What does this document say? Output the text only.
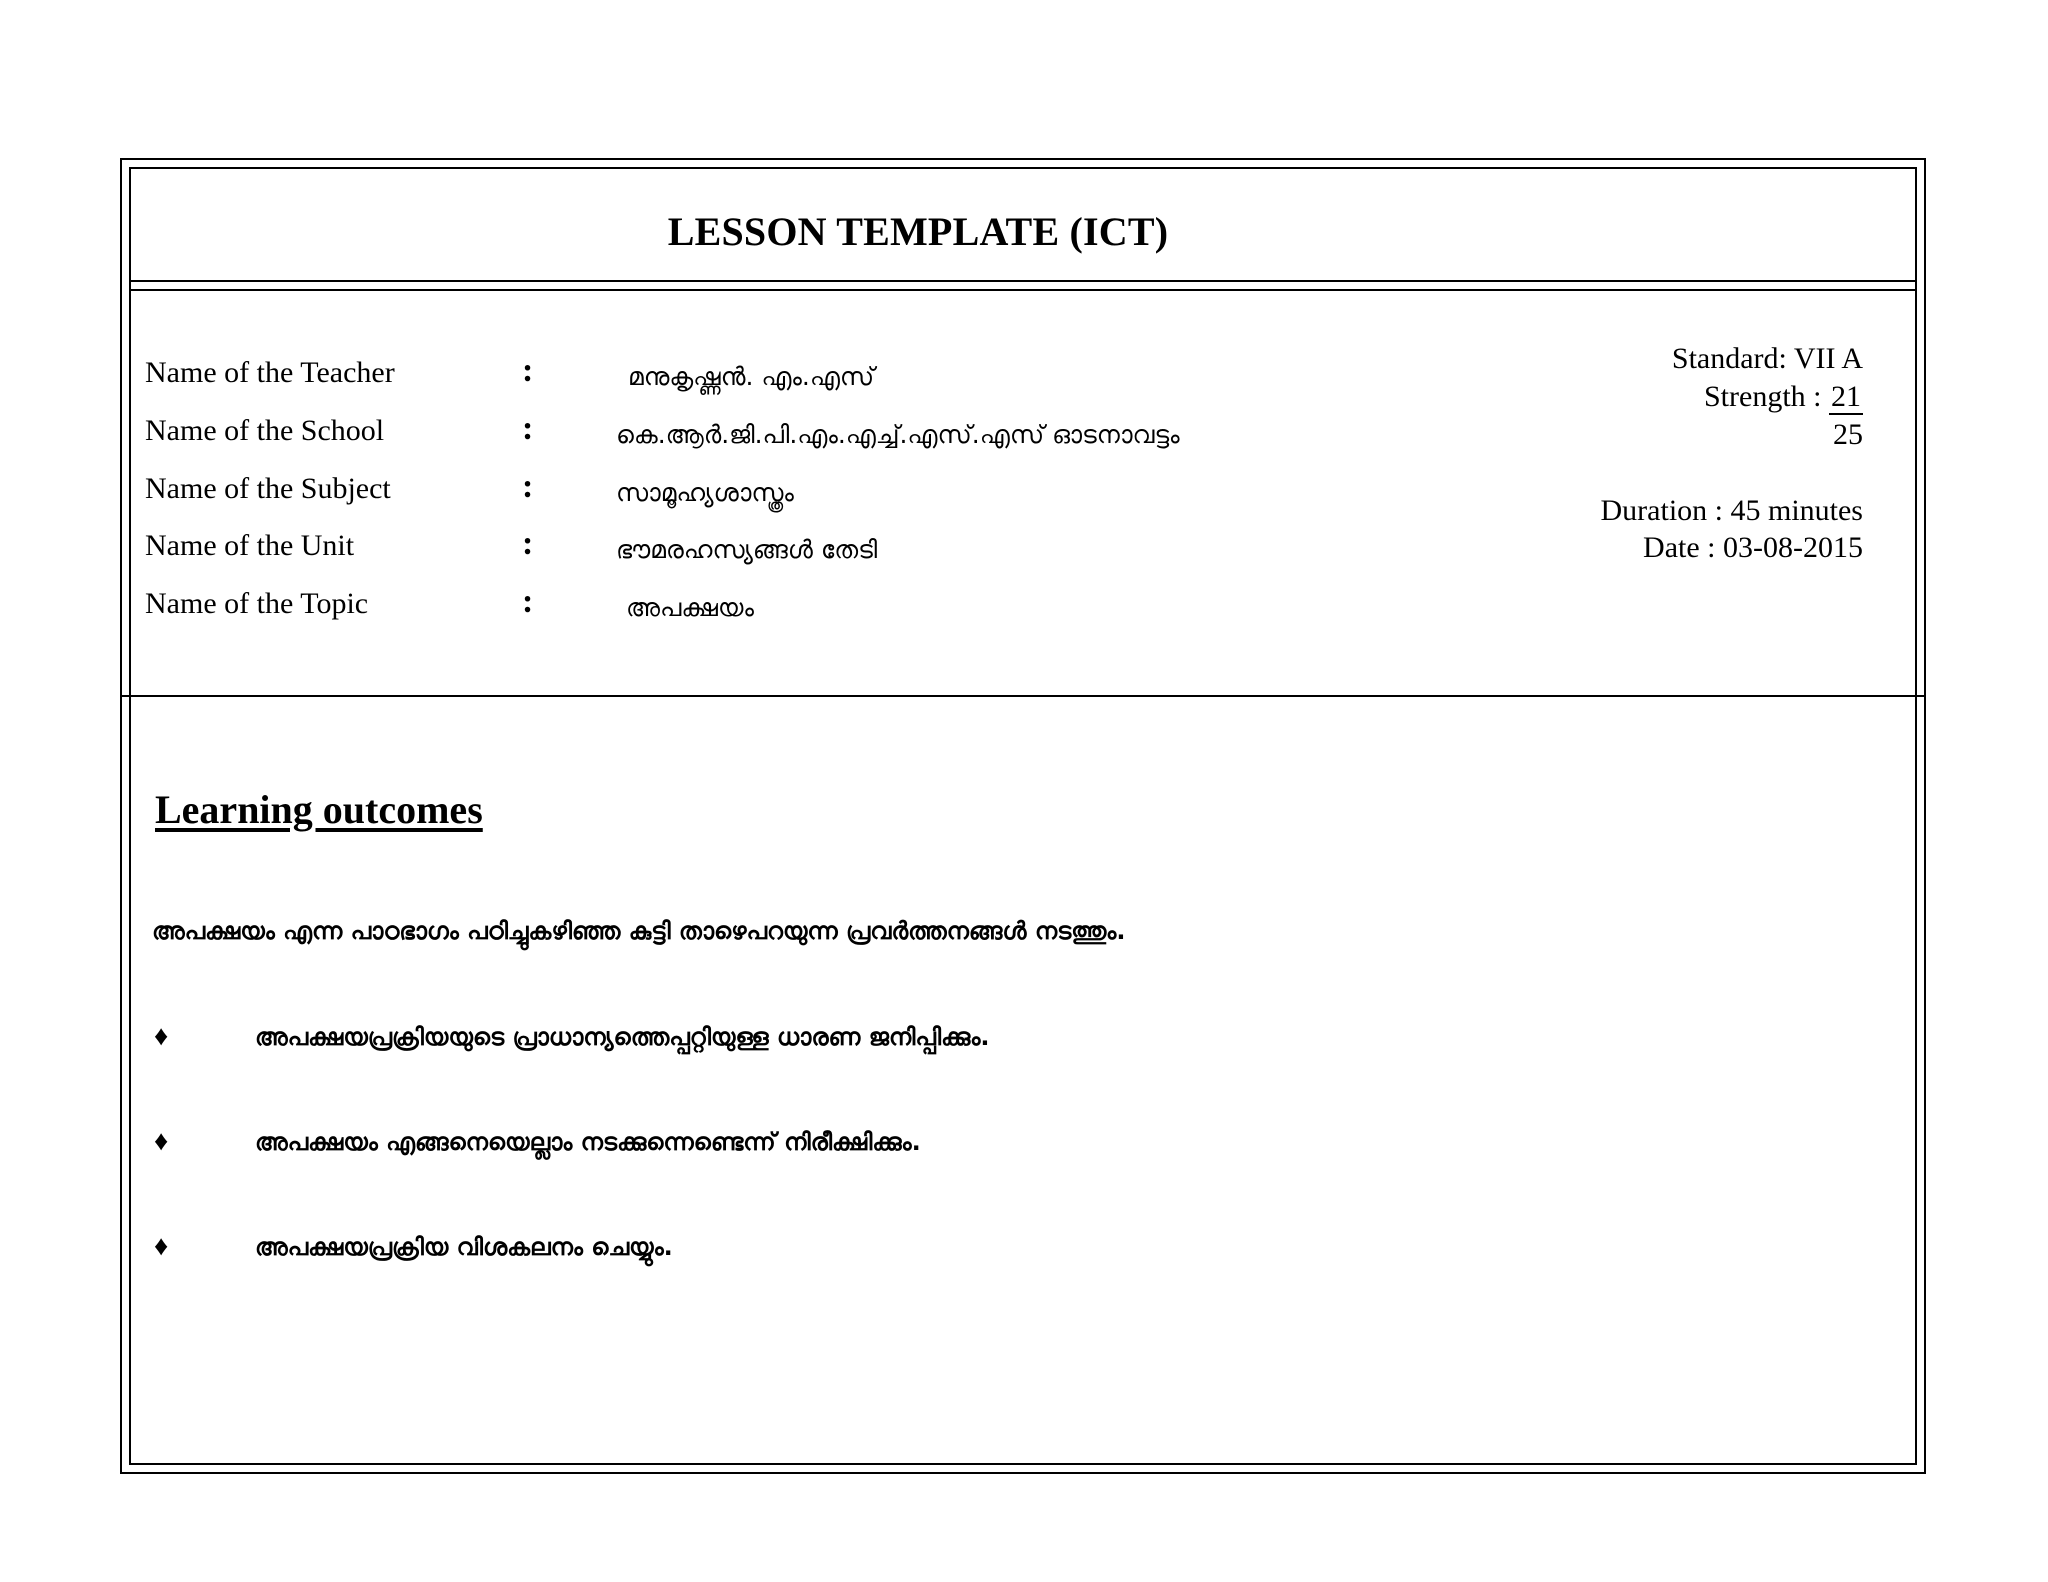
LESSON TEMPLATE (ICT)
Name of the Teacher	:	മനുകൃഷ്ണൻ. എം.എസ്
Name of the School	:	കെ.ആർ.ജി.പി.എം.എച്ച്.എസ്.എസ് ഓടനാവട്ടം
Name of the Subject	:	സാമൂഹ്യശാസ്ത്രം
Name of the Unit	:	ഭൗമരഹസ്യങ്ങൾ തേടി
Name of the Topic	:	അപക്ഷയം
Standard: VII A
Strength : 21
25
Duration : 45 minutes
Date : 03-08-2015
Learning outcomes
അപക്ഷയം എന്ന പാഠഭാഗം പഠിച്ചുകഴിഞ്ഞ കുട്ടി താഴെപറയുന്ന പ്രവർത്തനങ്ങൾ നടത്തും.
♦	അപക്ഷയപ്രക്രിയയുടെ പ്രാധാന്യത്തെപ്പറ്റിയുള്ള ധാരണ ജനിപ്പിക്കും.
♦	അപക്ഷയം എങ്ങനെയെല്ലാം നടക്കുന്നെണ്ടെന്ന് നിരീക്ഷിക്കും.
♦	അപക്ഷയപ്രക്രിയ വിശകലനം ചെയ്യും.
